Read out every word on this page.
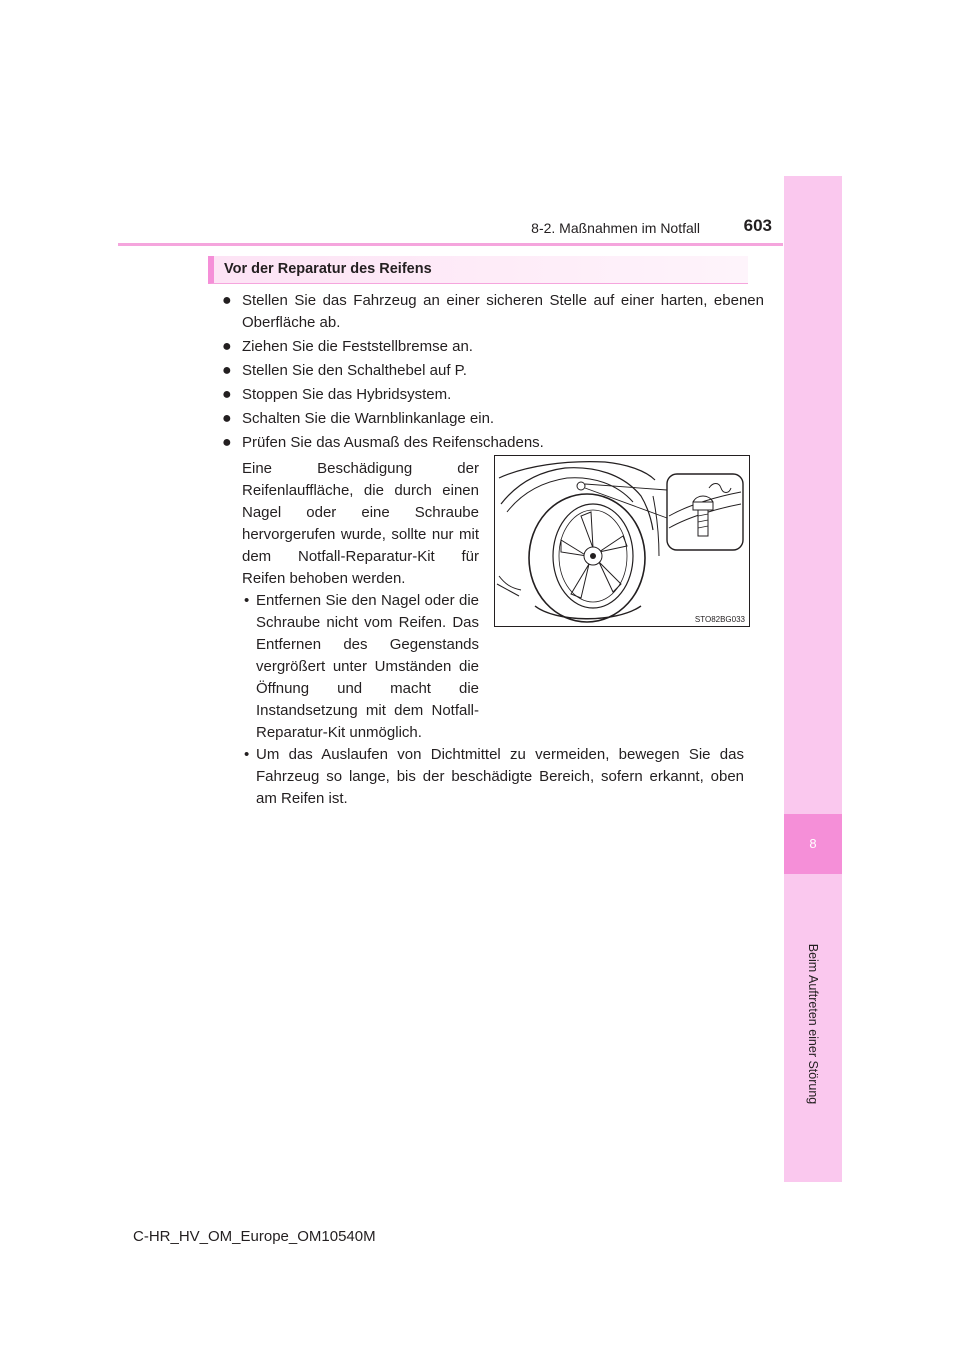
8-2. Maßnahmen im Notfall	603
8
Beim Auftreten einer Störung
Vor der Reparatur des Reifens
● Stellen Sie das Fahrzeug an einer sicheren Stelle auf einer harten, ebenen Oberfläche ab.
● Ziehen Sie die Feststellbremse an.
● Stellen Sie den Schalthebel auf P.
● Stoppen Sie das Hybridsystem.
● Schalten Sie die Warnblinkanlage ein.
● Prüfen Sie das Ausmaß des Reifenschadens.
Eine Beschädigung der Reifenlauffläche, die durch einen Nagel oder eine Schraube hervorgerufen wurde, sollte nur mit dem Notfall-Reparatur-Kit für Reifen behoben werden.
• Entfernen Sie den Nagel oder die Schraube nicht vom Reifen. Das Entfernen des Gegenstands vergrößert unter Umständen die Öffnung und macht die Instandsetzung mit dem Notfall-Reparatur-Kit unmöglich.
• Um das Auslaufen von Dichtmittel zu vermeiden, bewegen Sie das Fahrzeug so lange, bis der beschädigte Bereich, sofern erkannt, oben am Reifen ist.
STO82BG033
C-HR_HV_OM_Europe_OM10540M
